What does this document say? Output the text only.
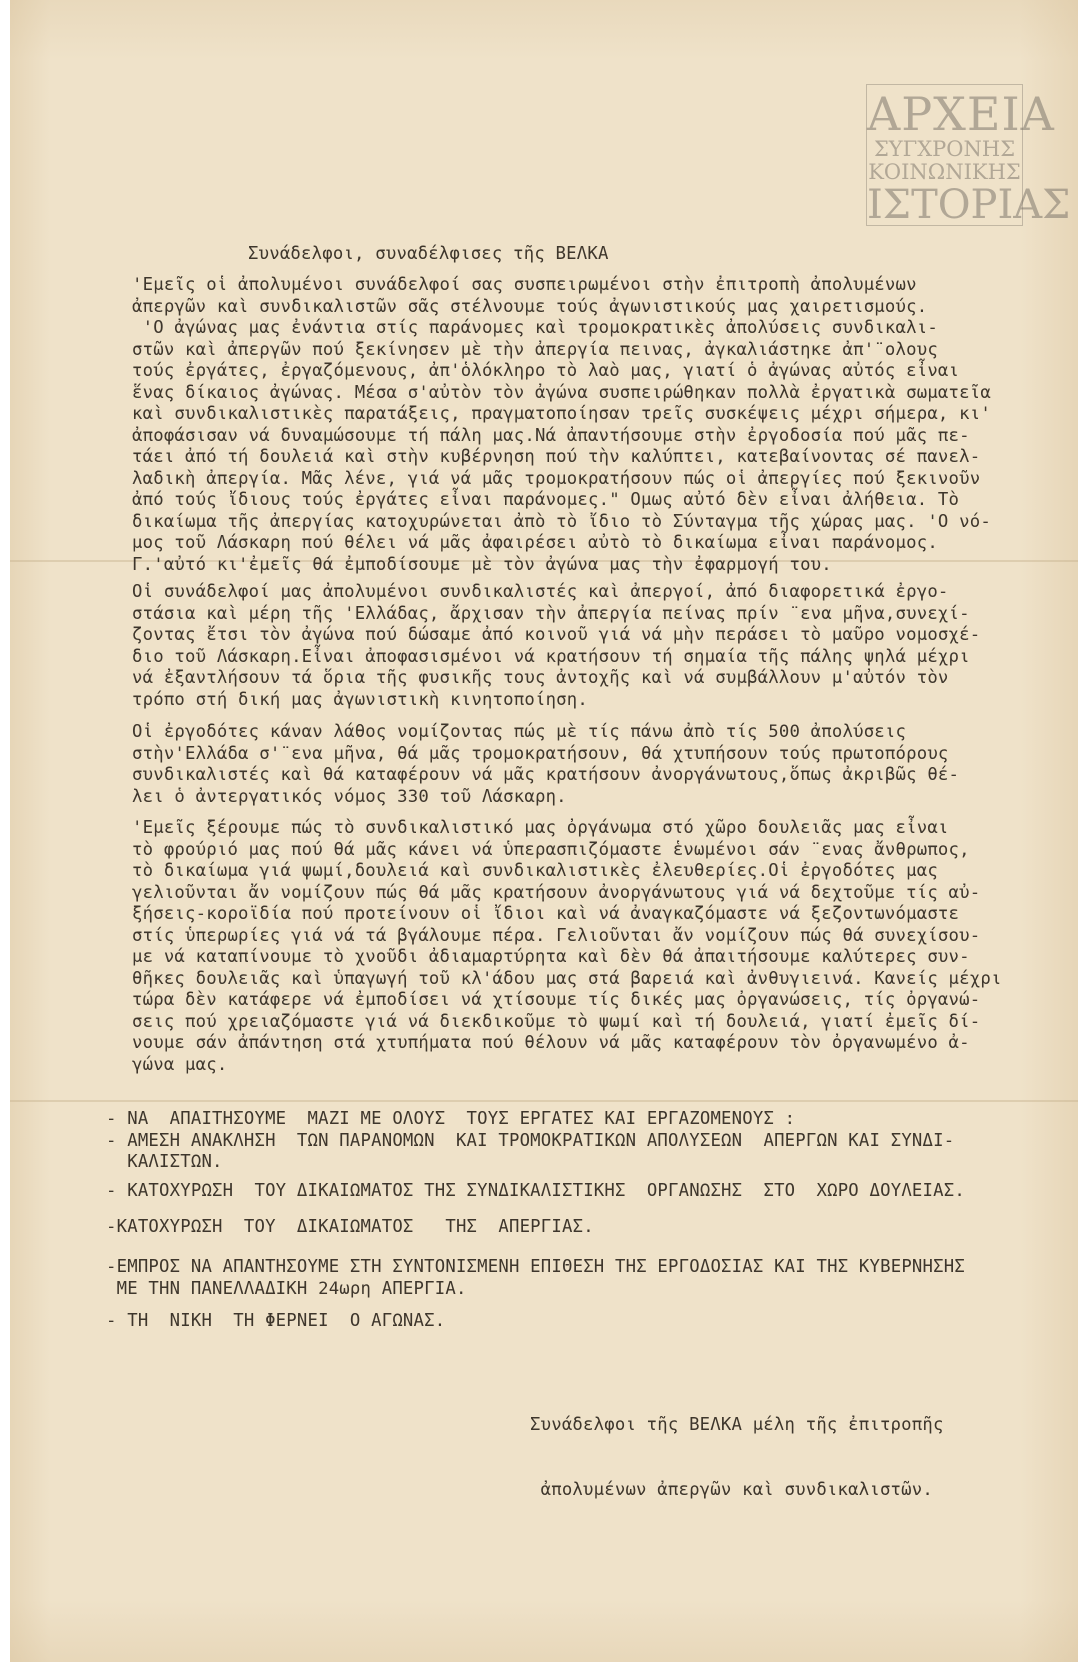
ΑΡΧΕΙΑ
ΣΥΓΧΡΟΝΗΣ
ΚΟΙΝΩΝΙΚΗΣ
ΙΣΤΟΡΙΑΣ
Συνάδελφοι, συναδέλφισες τῆς ΒΕΛΚΑ
'Εμεῖς οἱ ἀπολυμένοι συνάδελφοί σας συσπειρωμένοι στὴν ἐπιτροπὴ ἀπολυμένων
ἀπεργῶν καὶ συνδικαλιστῶν σᾶς στέλνουμε τούς ἀγωνιστικούς μας χαιρετισμούς.
'Ο ἀγώνας μας ἐνάντια στίς παράνομες καὶ τρομοκρατικὲς ἀπολύσεις συνδικαλι-
στῶν καὶ ἀπεργῶν πού ξεκίνησεν μὲ τὴν ἀπεργία πεινας, ἀγκαλιάστηκε ἀπ'¨ολους
τούς ἐργάτες, ἐργαζόμενους, ἀπ'ὁλόκληρο τὸ λαὸ μας, γιατί ὁ ἀγώνας αὐτός εἶναι
ἕνας δίκαιος ἀγώνας. Μέσα σ'αὐτὸν τὸν ἀγώνα συσπειρώθηκαν πολλὰ ἐργατικὰ σωματεῖα
καὶ συνδικαλιστικὲς παρατάξεις, πραγματοποίησαν τρεῖς συσκέψεις μέχρι σήμερα, κι'
ἀποφάσισαν νά δυναμώσουμε τή πάλη μας.Νά ἀπαντήσουμε στὴν ἐργοδοσία πού μᾶς πε-
τάει ἀπό τή δουλειά καὶ στὴν κυβέρνηση πού τὴν καλύπτει, κατεβαίνοντας σέ πανελ-
λαδικὴ ἀπεργία. Μᾶς λένε, γιά νά μᾶς τρομοκρατήσουν πώς οἱ ἀπεργίες πού ξεκινοῦν
ἀπό τούς ἴδιους τούς ἐργάτες εἶναι παράνομες." Ομως αὐτό δὲν εἶναι ἀλήθεια. Τὸ
δικαίωμα τῆς ἀπεργίας κατοχυρώνεται ἀπὸ τὸ ἴδιο τὸ Σύνταγμα τῆς χώρας μας. 'Ο νό-
μος τοῦ Λάσκαρη πού θέλει νά μᾶς ἀφαιρέσει αὐτὸ τὸ δικαίωμα εἶναι παράνομος.
Γ.'αὐτό κι'ἐμεῖς θά ἐμποδίσουμε μὲ τὸν ἀγώνα μας τὴν ἐφαρμογή του.
Οἱ συνάδελφοί μας ἀπολυμένοι συνδικαλιστές καὶ ἀπεργοί, ἀπό διαφορετικά ἐργο-
στάσια καὶ μέρη τῆς 'Ελλάδας, ἄρχισαν τὴν ἀπεργία πείνας πρίν ¨ενα μῆνα,συνεχί-
ζοντας ἔτσι τὸν ἀγώνα πού δώσαμε ἀπό κοινοῦ γιά νά μὴν περάσει τὸ μαῦρο νομοσχέ-
διο τοῦ Λάσκαρη.Εἶναι ἀποφασισμένοι νά κρατήσουν τή σημαία τῆς πάλης ψηλά μέχρι
νά ἐξαντλήσουν τά ὅρια τῆς φυσικῆς τους ἀντοχῆς καὶ νά συμβάλλουν μ'αὐτόν τὸν
τρόπο στή δική μας ἀγωνιστικὴ κινητοποίηση.
Οἱ ἐργοδότες κάναν λάθος νομίζοντας πώς μὲ τίς πάνω ἀπὸ τίς 500 ἀπολύσεις
στὴν'Ελλάδα σ'¨ενα μῆνα, θά μᾶς τρομοκρατήσουν, θά χτυπήσουν τούς πρωτοπόρους
συνδικαλιστές καὶ θά καταφέρουν νά μᾶς κρατήσουν ἀνοργάνωτους,ὅπως ἀκριβῶς θέ-
λει ὁ ἀντεργατικός νόμος 330 τοῦ Λάσκαρη.
'Εμεῖς ξέρουμε πώς τὸ συνδικαλιστικό μας ὀργάνωμα στό χῶρο δουλειᾶς μας εἶναι
τὸ φρούριό μας πού θά μᾶς κάνει νά ὑπερασπιζόμαστε ἑνωμένοι σάν ¨ενας ἄνθρωπος,
τὸ δικαίωμα γιά ψωμί,δουλειά καὶ συνδικαλιστικὲς ἐλευθερίες.Οἱ ἐργοδότες μας
γελιοῦνται ἄν νομίζουν πώς θά μᾶς κρατήσουν ἀνοργάνωτους γιά νά δεχτοῦμε τίς αὐ-
ξήσεις-κοροϊδία πού προτείνουν οἱ ἴδιοι καὶ νά ἀναγκαζόμαστε νά ξεζοντωνόμαστε
στίς ὑπερωρίες γιά νά τά βγάλουμε πέρα. Γελιοῦνται ἄν νομίζουν πώς θά συνεχίσου-
με νά καταπίνουμε τὸ χνοῦδι ἀδιαμαρτύρητα καὶ δὲν θά ἀπαιτήσουμε καλύτερες συν-
θῆκες δουλειᾶς καὶ ὑπαγωγή τοῦ κλ'άδου μας στά βαρειά καὶ ἀνθυγιεινά. Κανείς μέχρι
τώρα δὲν κατάφερε νά ἐμποδίσει νά χτίσουμε τίς δικές μας ὀργανώσεις, τίς ὀργανώ-
σεις πού χρειαζόμαστε γιά νά διεκδικοῦμε τὸ ψωμί καὶ τή δουλειά, γιατί ἐμεῖς δί-
νουμε σάν ἀπάντηση στά χτυπήματα πού θέλουν νά μᾶς καταφέρουν τὸν ὀργανωμένο ἀ-
γώνα μας.

- ΝΑ  ΑΠΑΙΤΗΣΟΥΜΕ  ΜΑΖΙ ΜΕ ΟΛΟΥΣ  ΤΟΥΣ ΕΡΓΑΤΕΣ ΚΑΙ ΕΡΓΑΖΟΜΕΝΟΥΣ :
- ΑΜΕΣΗ ΑΝΑΚΛΗΣΗ  ΤΩΝ ΠΑΡΑΝΟΜΩΝ  ΚΑΙ ΤΡΟΜΟΚΡΑΤΙΚΩΝ ΑΠΟΛΥΣΕΩΝ  ΑΠΕΡΓΩΝ ΚΑΙ ΣΥΝΔΙ-
ΚΑΛΙΣΤΩΝ.

- ΚΑΤΟΧΥΡΩΣΗ  ΤΟΥ ΔΙΚΑΙΩΜΑΤΟΣ ΤΗΣ ΣΥΝΔΙΚΑΛΙΣΤΙΚΗΣ  ΟΡΓΑΝΩΣΗΣ  ΣΤΟ  ΧΩΡΟ ΔΟΥΛΕΙΑΣ.

-ΚΑΤΟΧΥΡΩΣΗ  ΤΟΥ  ΔΙΚΑΙΩΜΑΤΟΣ   ΤΗΣ  ΑΠΕΡΓΙΑΣ.

-ΕΜΠΡΟΣ ΝΑ ΑΠΑΝΤΗΣΟΥΜΕ ΣΤΗ ΣΥΝΤΟΝΙΣΜΕΝΗ ΕΠΙΘΕΣΗ ΤΗΣ ΕΡΓΟΔΟΣΙΑΣ ΚΑΙ ΤΗΣ ΚΥΒΕΡΝΗΣΗΣ
ΜΕ ΤΗΝ ΠΑΝΕΛΛΑΔΙΚΗ 24ωρη ΑΠΕΡΓΙΑ.

- ΤΗ  ΝΙΚΗ  ΤΗ ΦΕΡΝΕΙ  Ο ΑΓΩΝΑΣ.

Συνάδελφοι τῆς ΒΕΛΚΑ μέλη τῆς ἐπιτροπῆς

ἀπολυμένων ἀπεργῶν καὶ συνδικαλιστῶν.
